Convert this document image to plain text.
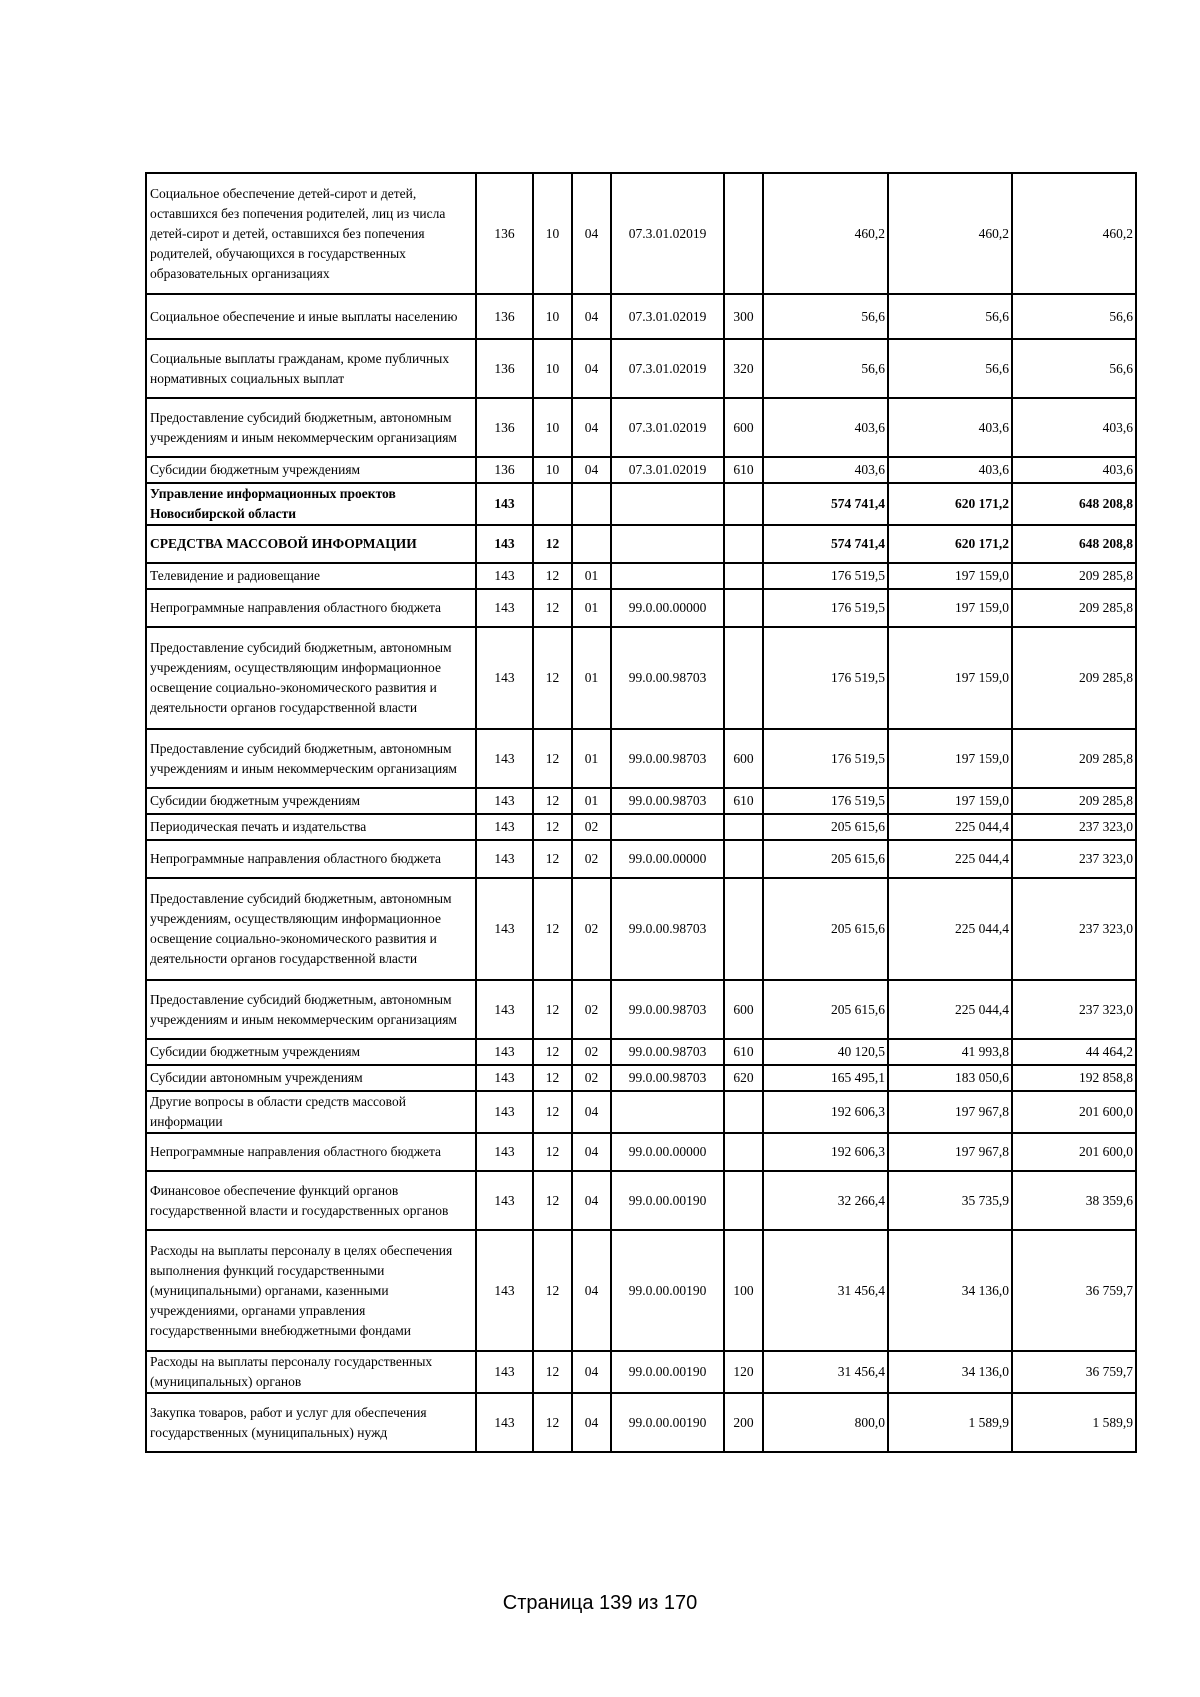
Социальное обеспечение детей-сирот и детей, оставшихся без попечения родителей, лиц из числа детей-сирот и детей, оставшихся без попечения родителей, обучающихся в государственных образовательных организациях	136	10	04	07.3.01.02019		460,2	460,2	460,2
Социальное обеспечение и иные выплаты населению	136	10	04	07.3.01.02019	300	56,6	56,6	56,6
Социальные выплаты гражданам, кроме публичных нормативных социальных выплат	136	10	04	07.3.01.02019	320	56,6	56,6	56,6
Предоставление субсидий бюджетным, автономным учреждениям и иным некоммерческим организациям	136	10	04	07.3.01.02019	600	403,6	403,6	403,6
Субсидии бюджетным учреждениям	136	10	04	07.3.01.02019	610	403,6	403,6	403,6
Управление информационных проектов Новосибирской области	143					574 741,4	620 171,2	648 208,8
СРЕДСТВА МАССОВОЙ ИНФОРМАЦИИ	143	12				574 741,4	620 171,2	648 208,8
Телевидение и радиовещание	143	12	01			176 519,5	197 159,0	209 285,8
Непрограммные направления областного бюджета	143	12	01	99.0.00.00000		176 519,5	197 159,0	209 285,8
Предоставление субсидий бюджетным, автономным учреждениям, осуществляющим информационное освещение социально-экономического развития и деятельности органов государственной власти	143	12	01	99.0.00.98703		176 519,5	197 159,0	209 285,8
Предоставление субсидий бюджетным, автономным учреждениям и иным некоммерческим организациям	143	12	01	99.0.00.98703	600	176 519,5	197 159,0	209 285,8
Субсидии бюджетным учреждениям	143	12	01	99.0.00.98703	610	176 519,5	197 159,0	209 285,8
Периодическая печать и издательства	143	12	02			205 615,6	225 044,4	237 323,0
Непрограммные направления областного бюджета	143	12	02	99.0.00.00000		205 615,6	225 044,4	237 323,0
Предоставление субсидий бюджетным, автономным учреждениям, осуществляющим информационное освещение социально-экономического развития и деятельности органов государственной власти	143	12	02	99.0.00.98703		205 615,6	225 044,4	237 323,0
Предоставление субсидий бюджетным, автономным учреждениям и иным некоммерческим организациям	143	12	02	99.0.00.98703	600	205 615,6	225 044,4	237 323,0
Субсидии бюджетным учреждениям	143	12	02	99.0.00.98703	610	40 120,5	41 993,8	44 464,2
Субсидии автономным учреждениям	143	12	02	99.0.00.98703	620	165 495,1	183 050,6	192 858,8
Другие вопросы в области средств массовой информации	143	12	04			192 606,3	197 967,8	201 600,0
Непрограммные направления областного бюджета	143	12	04	99.0.00.00000		192 606,3	197 967,8	201 600,0
Финансовое обеспечение функций органов государственной власти и государственных органов	143	12	04	99.0.00.00190		32 266,4	35 735,9	38 359,6
Расходы на выплаты персоналу в целях обеспечения выполнения функций государственными (муниципальными) органами, казенными учреждениями, органами управления государственными внебюджетными фондами	143	12	04	99.0.00.00190	100	31 456,4	34 136,0	36 759,7
Расходы на выплаты персоналу государственных (муниципальных) органов	143	12	04	99.0.00.00190	120	31 456,4	34 136,0	36 759,7
Закупка товаров, работ и услуг для обеспечения государственных (муниципальных) нужд	143	12	04	99.0.00.00190	200	800,0	1 589,9	1 589,9
Страница 139 из 170
